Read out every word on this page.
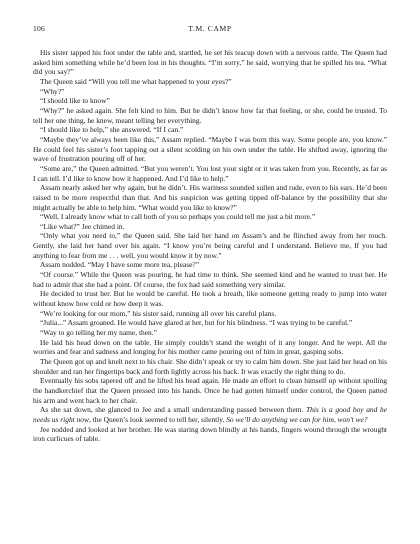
106	T.M. CAMP

His sister tapped his foot under the table and, startled, he set his teacup down with a nervous rattle. The Queen had asked him something while he’d been lost in his thoughts. “I’m sorry,” he said, worrying that he spilled his tea. “What did you say?”

The Queen said “Will you tell me what happened to your eyes?”

“Why?”

“I should like to know”

“Why?” he asked again. She felt kind to him. But he didn’t know how far that feeling, or she, could be trusted. To tell her one thing, he knew, meant telling her everything.

“I should like to help,” she answered. “If I can.”

“Maybe they’ve always been like this,” Assam replied. “Maybe I was born this way. Some people are, you know.” He could feel his sister’s foot tapping out a silent scolding on his own under the table. He shifted away, ignoring the wave of frustration pouring off of her.

“Some are,” the Queen admitted. “But you weren’t. You lost your sight or it was taken from you. Recently, as far as I can tell. I’d like to know how it happened. And I’d like to help.”

Assam nearly asked her why again, but he didn’t. His wariness sounded sullen and rude, even to his ears. He’d been raised to be more respectful than that. And his suspicion was getting tipped off-balance by the possibility that she might actually be able to help him. “What would you like to know?”

“Well, I already know what to call both of you so perhaps you could tell me just a bit more.”

“Like what?” Jee chimed in.

“Only what you need to,” the Queen said. She laid her hand on Assam’s and he flinched away from her touch. Gently, she laid her hand over his again. “I know you’re being careful and I understand. Believe me, If you had anything to fear from me . . . well, you would know it by now.”

Assam nodded. “May I have some more tea, please?”

“Of course.” While the Queen was pouring, he had time to think. She seemed kind and he wanted to trust her. He had to admit that she had a point. Of course, the fox had said something very similar.

He decided to trust her. But he would be careful. He took a breath, like someone getting ready to jump into water without know how cold or how deep it was.

“We’re looking for our mom,” his sister said, running all over his careful plans.

“Julia...” Assam groaned. He would have glared at her, but for his blindness. “I was trying to be careful.”

“Way to go telling her my name, then.”

He laid his head down on the table. He simply couldn’t stand the weight of it any longer. And he wept. All the worries and fear and sadness and longing for his mother came pouring out of him in great, gasping sobs.

The Queen got up and knelt next to his chair. She didn’t speak or try to calm him down. She just laid her head on his shoulder and ran her fingertips back and forth lightly across his back. It was exactly the right thing to do.

Eventually his sobs tapered off and he lifted his head again. He made an effort to clean himself up without spoiling the handkerchief that the Queen pressed into his hands. Once he had gotten himself under control, the Queen patted his arm and went back to her chair.

As she sat down, she glanced to Jee and a small understanding passed between them. This is a good boy and he needs us right now, the Queen’s look seemed to tell her, silently. So we’ll do anything we can for him, won’t we?

Jee nodded and looked at her brother. He was staring down blindly at his hands, fingers wound through the wrought iron curlicues of table.
